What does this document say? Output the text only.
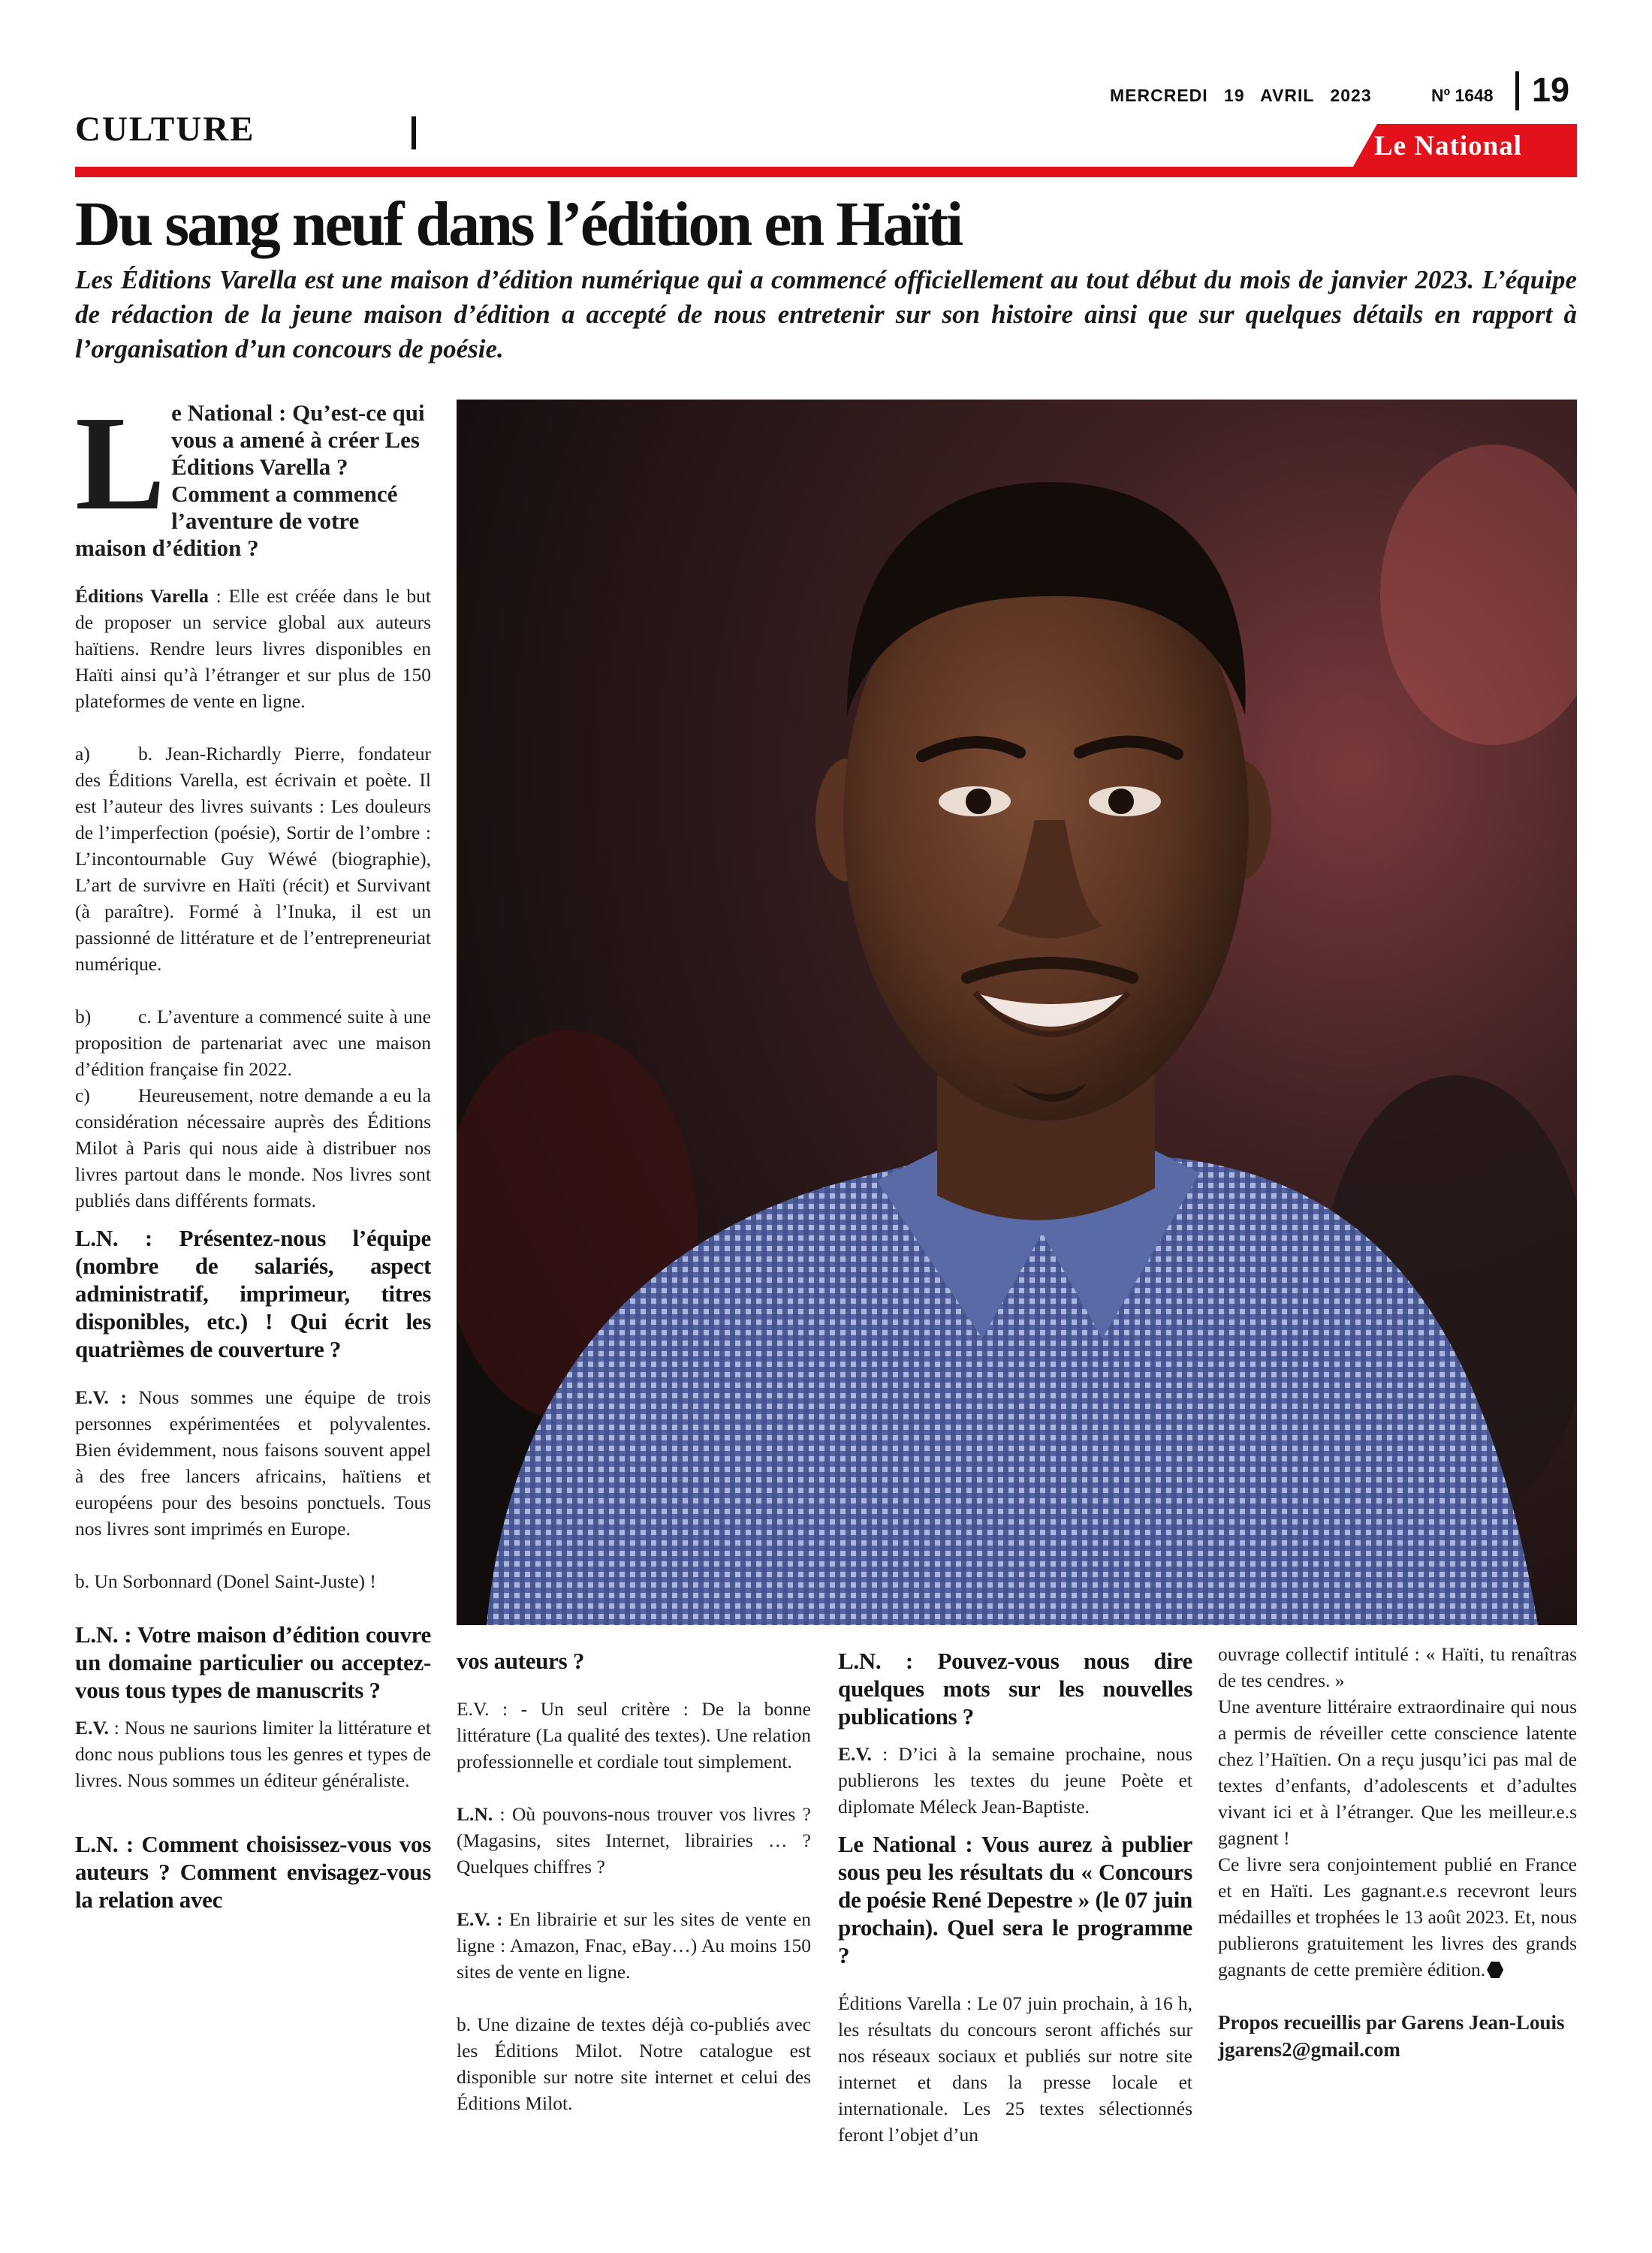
CULTURE
MERCREDI 19 AVRIL 2023	Nº 1648 19
Le National
Du sang neuf dans l’édition en Haïti

Les Éditions Varella est une maison d’édition numérique qui a commencé officiellement au tout début du mois de janvier 2023. L’équipe de rédaction de la jeune maison d’édition a accepté de nous entretenir sur son histoire ainsi que sur quelques détails en rapport à l’organisation d’un concours de poésie.

Le National : Qu’est-ce qui vous a amené à créer Les Éditions Varella ? Comment a commencé l’aventure de votre maison d’édition ?

Éditions Varella : Elle est créée dans le but de proposer un service global aux auteurs haïtiens. Rendre leurs livres disponibles en Haïti ainsi qu’à l’étranger et sur plus de 150 plateformes de vente en ligne.

a)	b. Jean-Richardly Pierre, fondateur des Éditions Varella, est écrivain et poète. Il est l’auteur des livres suivants : Les douleurs de l’imperfection (poésie), Sortir de l’ombre : L’incontournable Guy Wéwé (biographie), L’art de survivre en Haïti (récit) et Survivant (à paraître). Formé à l’Inuka, il est un passionné de littérature et de l’entrepreneuriat numérique.

b) c. L’aventure a commencé suite à une proposition de partenariat avec une maison d’édition française fin 2022.

c)	Heureusement, notre demande a eu la considération nécessaire auprès des Éditions Milot à Paris qui nous aide à distribuer nos livres partout dans le monde. Nos livres sont publiés dans différents formats.

L.N. : Présentez-nous l’équipe (nombre de salariés, aspect administratif, imprimeur, titres disponibles, etc.) ! Qui écrit les quatrièmes de couverture ?

E.V. : Nous sommes une équipe de trois personnes expérimentées et polyvalentes. Bien évidemment, nous faisons souvent appel à des free lancers africains, haïtiens et européens pour des besoins ponctuels. Tous nos livres sont imprimés en Europe.

b. Un Sorbonnard (Donel Saint-Juste) !

L.N. : Votre maison d’édition couvre un domaine particulier ou acceptez-vous tous types de manuscrits ?

E.V. : Nous ne saurions limiter la littérature et donc nous publions tous les genres et types de livres. Nous sommes un éditeur généraliste.

L.N. : Comment choisissez-vous vos auteurs ? Comment envisagez-vous la relation avec

vos auteurs ?

E.V. : - Un seul critère : De la bonne littérature (La qualité des textes). Une relation professionnelle et cordiale tout simplement.

L.N. : Où pouvons-nous trouver vos livres ? (Magasins, sites Internet, librairies … ? Quelques chiffres ?

E.V. : En librairie et sur les sites de vente en ligne : Amazon, Fnac, eBay…) Au moins 150 sites de vente en ligne.

b. Une dizaine de textes déjà co-publiés avec les Éditions Milot. Notre catalogue est disponible sur notre site internet et celui des Éditions Milot.

L.N. : Pouvez-vous nous dire quelques mots sur les nouvelles publications ?

E.V. : D’ici à la semaine prochaine, nous publierons les textes du jeune Poète et diplomate Méleck Jean-Baptiste.

Le National : Vous aurez à publier sous peu les résultats du « Concours de poésie René Depestre » (le 07 juin prochain). Quel sera le programme ?

Éditions Varella : Le 07 juin prochain, à 16 h, les résultats du concours seront affichés sur nos réseaux sociaux et publiés sur notre site internet et dans la presse locale et internationale. Les 25 textes sélectionnés feront l’objet d’un

ouvrage collectif intitulé : « Haïti, tu renaîtras de tes cendres. »

Une aventure littéraire extraordinaire qui nous a permis de réveiller cette conscience latente chez l’Haïtien. On a reçu jusqu’ici pas mal de textes d’enfants, d’adolescents et d’adultes vivant ici et à l’étranger. Que les meilleur.e.s gagnent !

Ce livre sera conjointement publié en France et en Haïti. Les gagnant.e.s recevront leurs médailles et trophées le 13 août 2023. Et, nous publierons gratuitement les livres des grands gagnants de cette première édition.

Propos recueillis par Garens Jean-Louis

jgarens2@gmail.com
